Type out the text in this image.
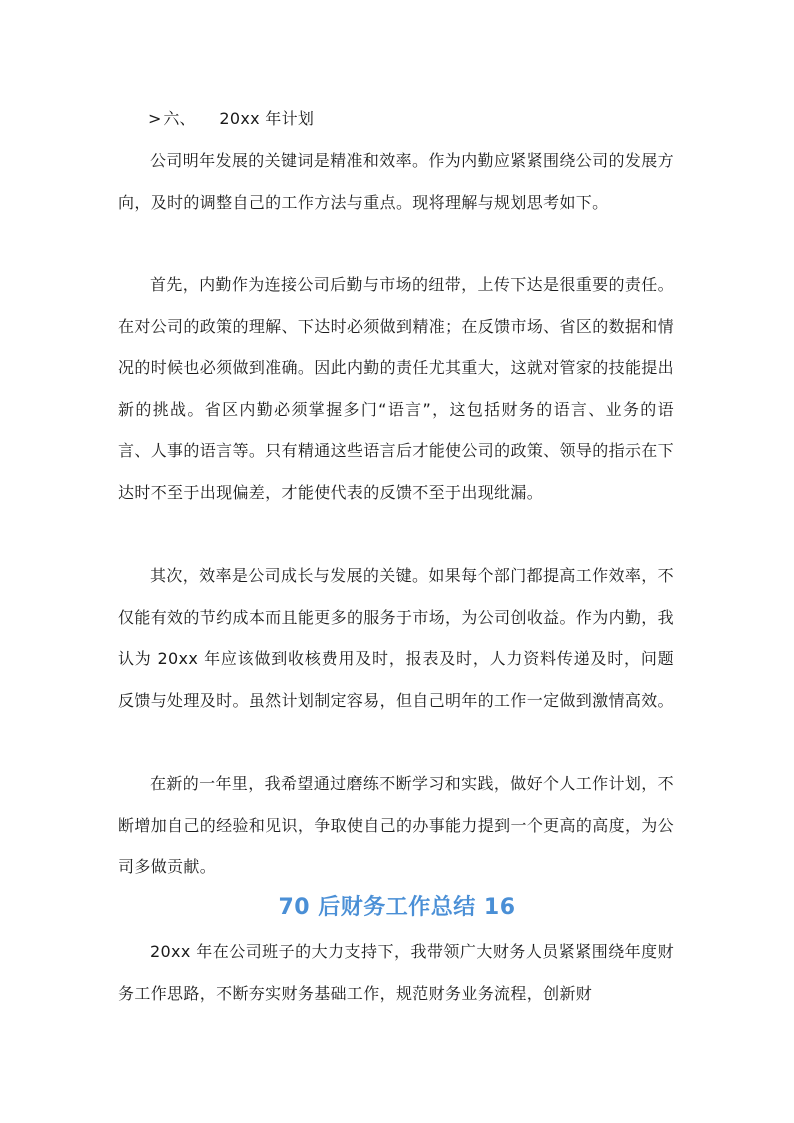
> 六、 20xx 年计划

公司明年发展的关键词是精准和效率。作为内勤应紧紧围绕公司的发展方向，及时的调整自己的工作方法与重点。现将理解与规划思考如下。

首先，内勤作为连接公司后勤与市场的纽带，上传下达是很重要的责任。在对公司的政策的理解、下达时必须做到精准；在反馈市场、省区的数据和情况的时候也必须做到准确。因此内勤的责任尤其重大，这就对管家的技能提出新的挑战。省区内勤必须掌握多门“语言”，这包括财务的语言、业务的语言、人事的语言等。只有精通这些语言后才能使公司的政策、领导的指示在下达时不至于出现偏差，才能使代表的反馈不至于出现纰漏。

其次，效率是公司成长与发展的关键。如果每个部门都提高工作效率，不仅能有效的节约成本而且能更多的服务于市场，为公司创收益。作为内勤，我认为 20xx 年应该做到收核费用及时，报表及时，人力资料传递及时，问题反馈与处理及时。虽然计划制定容易，但自己明年的工作一定做到激情高效。

在新的一年里，我希望通过磨练不断学习和实践，做好个人工作计划，不断增加自己的经验和见识，争取使自己的办事能力提到一个更高的高度，为公司多做贡献。

70 后财务工作总结 16

20xx 年在公司班子的大力支持下，我带领广大财务人员紧紧围绕年度财务工作思路，不断夯实财务基础工作，规范财务业务流程，创新财
